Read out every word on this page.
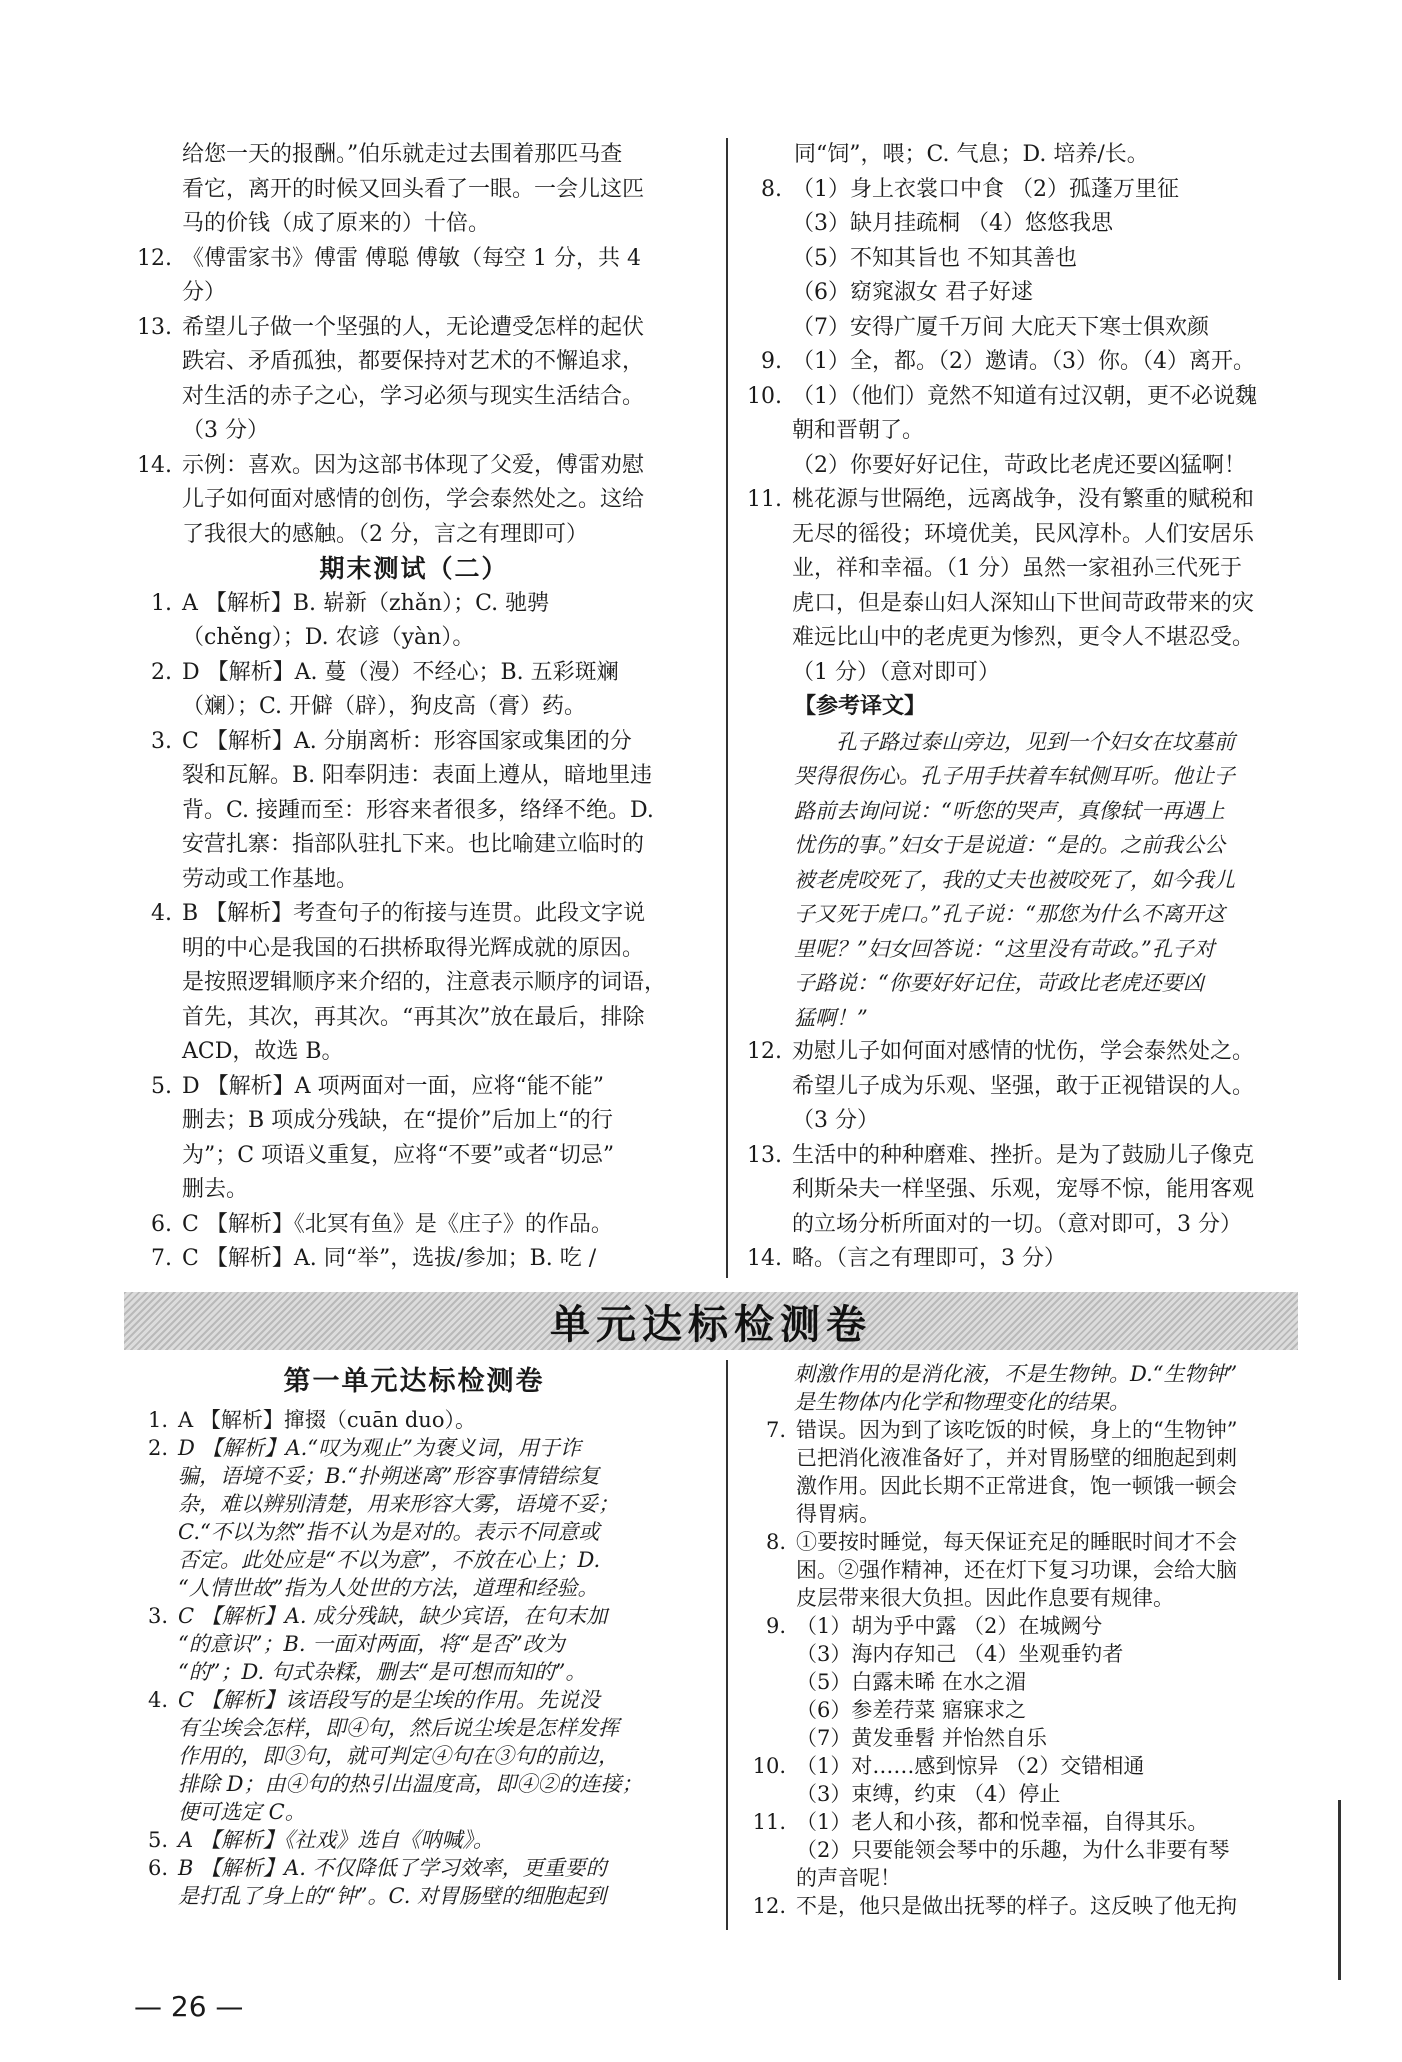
给您一天的报酬。”伯乐就走过去围着那匹马查
看它，离开的时候又回头看了一眼。一会儿这匹
马的价钱（成了原来的）十倍。
12. 《傅雷家书》傅雷 傅聪 傅敏（每空 1 分，共 4
分）
13. 希望儿子做一个坚强的人，无论遭受怎样的起伏
跌宕、矛盾孤独，都要保持对艺术的不懈追求，
对生活的赤子之心，学习必须与现实生活结合。
（3 分）
14. 示例：喜欢。因为这部书体现了父爱，傅雷劝慰
儿子如何面对感情的创伤，学会泰然处之。这给
了我很大的感触。（2 分，言之有理即可）
期末测试（二）
1. A 【解析】B. 崭新（zhǎn）；C. 驰骋
（chěng）；D. 农谚（yàn）。
2. D 【解析】A. 蔓（漫）不经心；B. 五彩斑斓
（斓）；C. 开僻（辟），狗皮高（膏）药。
3. C 【解析】A. 分崩离析：形容国家或集团的分
裂和瓦解。B. 阳奉阴违：表面上遵从，暗地里违
背。C. 接踵而至：形容来者很多，络绎不绝。D.
安营扎寨：指部队驻扎下来。也比喻建立临时的
劳动或工作基地。
4. B 【解析】考查句子的衔接与连贯。此段文字说
明的中心是我国的石拱桥取得光辉成就的原因。
是按照逻辑顺序来介绍的，注意表示顺序的词语，
首先，其次，再其次。“再其次”放在最后，排除
ACD，故选 B。
5. D 【解析】A 项两面对一面，应将“能不能”
删去；B 项成分残缺，在“提价”后加上“的行
为”；C 项语义重复，应将“不要”或者“切忌”
删去。
6. C 【解析】《北冥有鱼》是《庄子》的作品。
7. C 【解析】A. 同“举”，选拔/参加；B. 吃 /
同“饲”，喂；C. 气息；D. 培养/长。
8. （1）身上衣裳口中食 （2）孤蓬万里征
（3）缺月挂疏桐 （4）悠悠我思
（5）不知其旨也 不知其善也
（6）窈窕淑女 君子好逑
（7）安得广厦千万间 大庇天下寒士俱欢颜
9. （1）全，都。（2）邀请。（3）你。（4）离开。
10. （1）（他们）竟然不知道有过汉朝，更不必说魏
朝和晋朝了。
（2）你要好好记住，苛政比老虎还要凶猛啊！
11. 桃花源与世隔绝，远离战争，没有繁重的赋税和
无尽的徭役；环境优美，民风淳朴。人们安居乐
业，祥和幸福。（1 分）虽然一家祖孙三代死于
虎口，但是泰山妇人深知山下世间苛政带来的灾
难远比山中的老虎更为惨烈，更令人不堪忍受。
（1 分）（意对即可）
【参考译文】
孔子路过泰山旁边，见到一个妇女在坟墓前
哭得很伤心。孔子用手扶着车轼侧耳听。他让子
路前去询问说：“听您的哭声，真像轼一再遇上
忧伤的事。”妇女于是说道：“是的。之前我公公
被老虎咬死了，我的丈夫也被咬死了，如今我儿
子又死于虎口。”孔子说：“那您为什么不离开这
里呢？”妇女回答说：“这里没有苛政。”孔子对
子路说：“你要好好记住，苛政比老虎还要凶
猛啊！”
12. 劝慰儿子如何面对感情的忧伤，学会泰然处之。
希望儿子成为乐观、坚强，敢于正视错误的人。
（3 分）
13. 生活中的种种磨难、挫折。是为了鼓励儿子像克
利斯朵夫一样坚强、乐观，宠辱不惊，能用客观
的立场分析所面对的一切。（意对即可，3 分）
14. 略。（言之有理即可，3 分）
单元达标检测卷
第一单元达标检测卷
1. A 【解析】撺掇（cuān duo）。
2. D 【解析】A.“叹为观止”为褒义词，用于诈
骗，语境不妥；B.“扑朔迷离”形容事情错综复
杂，难以辨别清楚，用来形容大雾，语境不妥；
C.“不以为然”指不认为是对的。表示不同意或
否定。此处应是“不以为意”，不放在心上；D.
“人情世故”指为人处世的方法，道理和经验。
3. C 【解析】A. 成分残缺，缺少宾语，在句末加
“的意识”；B. 一面对两面，将“是否”改为
“的”；D. 句式杂糅，删去“是可想而知的”。
4. C 【解析】该语段写的是尘埃的作用。先说没
有尘埃会怎样，即④句，然后说尘埃是怎样发挥
作用的，即③句，就可判定④句在③句的前边，
排除 D；由④句的热引出温度高，即④②的连接；
便可选定 C。
5. A 【解析】《社戏》选自《呐喊》。
6. B 【解析】A. 不仅降低了学习效率，更重要的
是打乱了身上的“钟”。C. 对胃肠壁的细胞起到
刺激作用的是消化液，不是生物钟。D.“生物钟”
是生物体内化学和物理变化的结果。
7. 错误。因为到了该吃饭的时候，身上的“生物钟”
已把消化液准备好了，并对胃肠壁的细胞起到刺
激作用。因此长期不正常进食，饱一顿饿一顿会
得胃病。
8. ①要按时睡觉，每天保证充足的睡眠时间才不会
困。②强作精神，还在灯下复习功课，会给大脑
皮层带来很大负担。因此作息要有规律。
9. （1）胡为乎中露 （2）在城阙兮
（3）海内存知己 （4）坐观垂钓者
（5）白露未晞 在水之湄
（6）参差荇菜 寤寐求之
（7）黄发垂髫 并怡然自乐
10. （1）对……感到惊异 （2）交错相通
（3）束缚，约束 （4）停止
11. （1）老人和小孩，都和悦幸福，自得其乐。
（2）只要能领会琴中的乐趣，为什么非要有琴
的声音呢！
12. 不是，他只是做出抚琴的样子。这反映了他无拘
— 26 —
